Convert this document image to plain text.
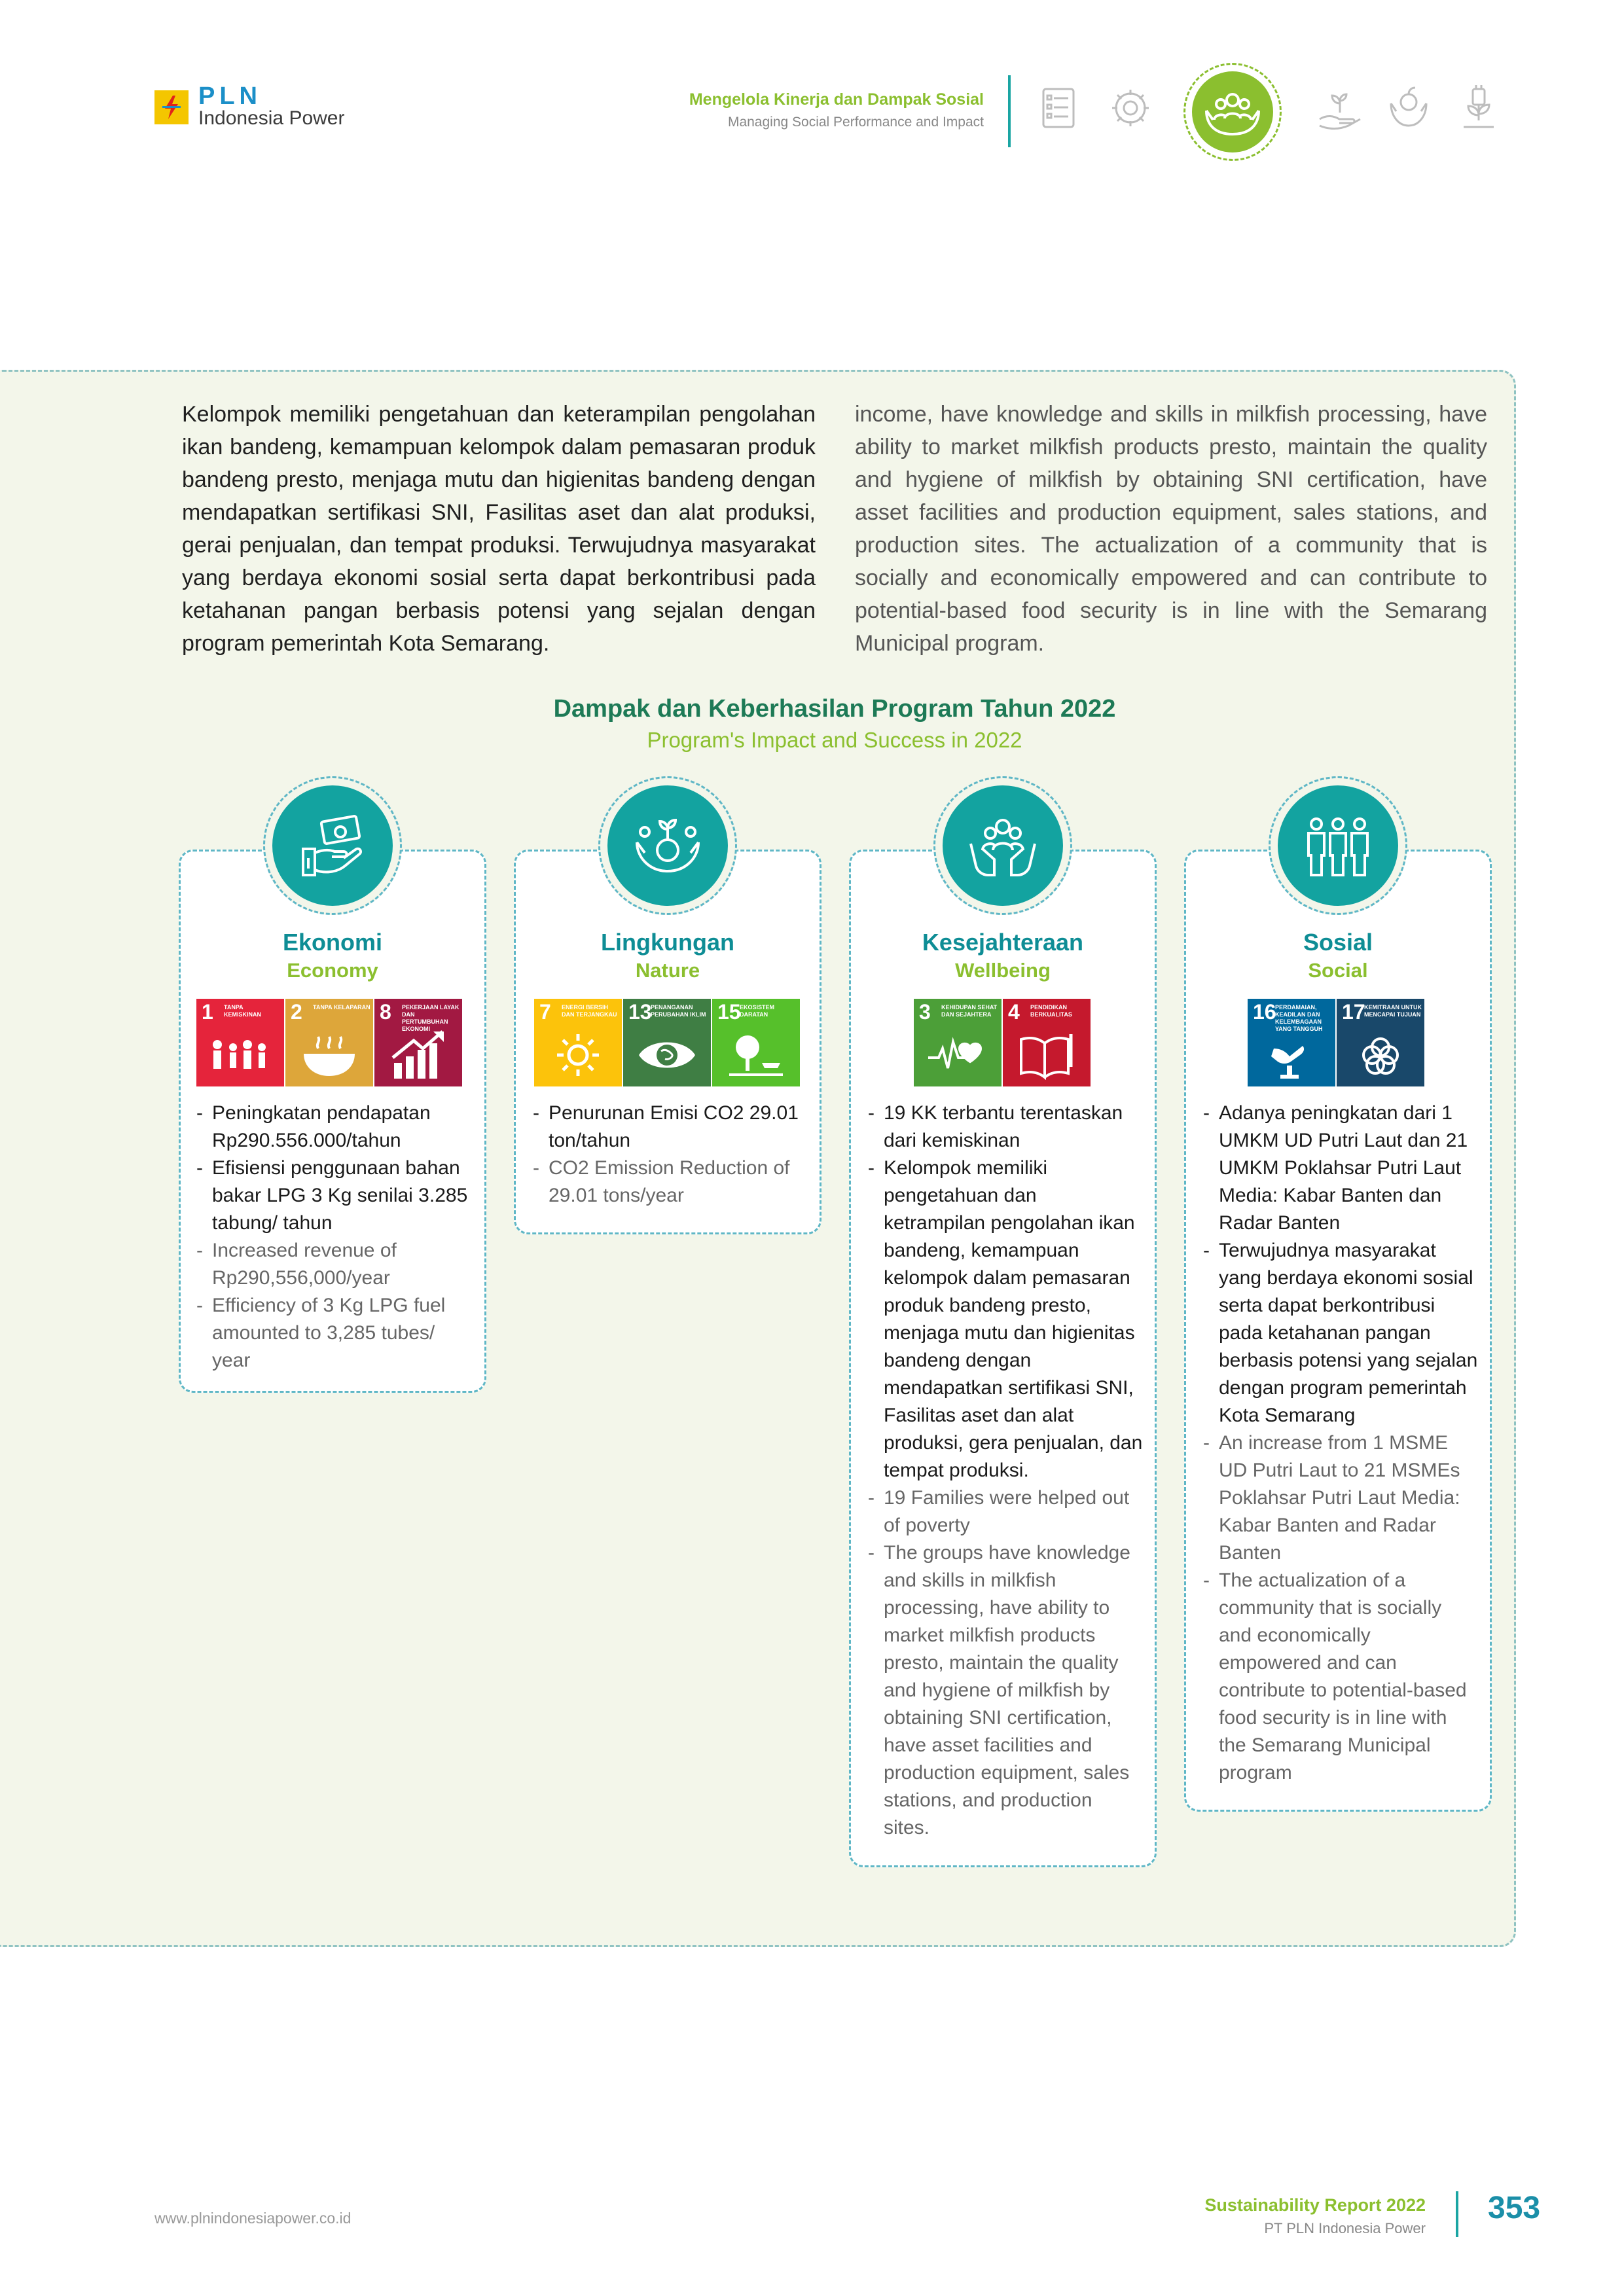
PLN
Indonesia Power
Mengelola Kinerja dan Dampak Sosial
Managing Social Performance and Impact
Kelompok memiliki pengetahuan dan keterampilan pengolahan ikan bandeng, kemampuan kelompok dalam pemasaran produk bandeng presto, menjaga mutu dan higienitas bandeng dengan mendapatkan sertifikasi SNI, Fasilitas aset dan alat produksi, gerai penjualan, dan tempat produksi. Terwujudnya masyarakat yang berdaya ekonomi sosial serta dapat berkontribusi pada ketahanan pangan berbasis potensi yang sejalan dengan program pemerintah Kota Semarang.
income, have knowledge and skills in milkfish processing, have ability to market milkfish products presto, maintain the quality and hygiene of milkfish by obtaining SNI certification, have asset facilities and production equipment, sales stations, and production sites. The actualization of a community that is socially and economically empowered and can contribute to potential-based food security is in line with the Semarang Municipal program.
Dampak dan Keberhasilan Program Tahun 2022
Program's Impact and Success in 2022
Ekonomi
Economy
1 TANPA KEMISKINAN	2 TANPA KELAPARAN 8 PEKERJAAN LAYAK DAN PERTUMBUHAN EKONOMI
- Peningkatan pendapatan Rp290.556.000/tahun
- Efisiensi penggunaan bahan bakar LPG 3 Kg senilai 3.285 tabung/ tahun
- Increased revenue of Rp290,556,000/year
- Efficiency of 3 Kg LPG fuel amounted to 3,285 tubes/ year
Lingkungan
Nature
7 ENERGI BERSIH DAN TERJANGKAU 13
PENANGANAN PERUBAHAN IKLIM 15
EKOSISTEM DARATAN
- Penurunan Emisi CO2 29.01 ton/tahun
- CO2 Emission Reduction of 29.01 tons/year
Kesejahteraan
Wellbeing
3 KEHIDUPAN SEHAT DAN SEJAHTERA 4 PENDIDIKAN BERKUALITAS
- 19 KK terbantu terentaskan dari kemiskinan
- Kelompok memiliki pengetahuan dan ketrampilan pengolahan ikan bandeng, kemampuan kelompok dalam pemasaran produk bandeng presto, menjaga mutu dan higienitas bandeng dengan mendapatkan sertifikasi SNI, Fasilitas aset dan alat produksi, gera penjualan, dan tempat produksi.
- 19 Families were helped out of poverty
- The groups have knowledge and skills in milkfish processing, have ability to market milkfish products presto, maintain the quality and hygiene of milkfish by obtaining SNI certification, have asset facilities and production equipment, sales stations, and production sites.
Sosial
Social
16
PERDAMAIAN, KEADILAN DAN KELEMBAGAAN YANG TANGGUH
17
KEMITRAAN UNTUK MENCAPAI TUJUAN
- Adanya peningkatan dari 1 UMKM UD Putri Laut dan 21 UMKM Poklahsar Putri Laut Media: Kabar Banten dan Radar Banten
- Terwujudnya masyarakat yang berdaya ekonomi sosial serta dapat berkontribusi pada ketahanan pangan berbasis potensi yang sejalan dengan program pemerintah Kota Semarang
- An increase from 1 MSME UD Putri Laut to 21 MSMEs Poklahsar Putri Laut Media: Kabar Banten and Radar Banten
- The actualization of a community that is socially and economically empowered and can contribute to potential-based food security is in line with the Semarang Municipal program
www.plnindonesiapower.co.id
Sustainability Report 2022
PT PLN Indonesia Power
353
